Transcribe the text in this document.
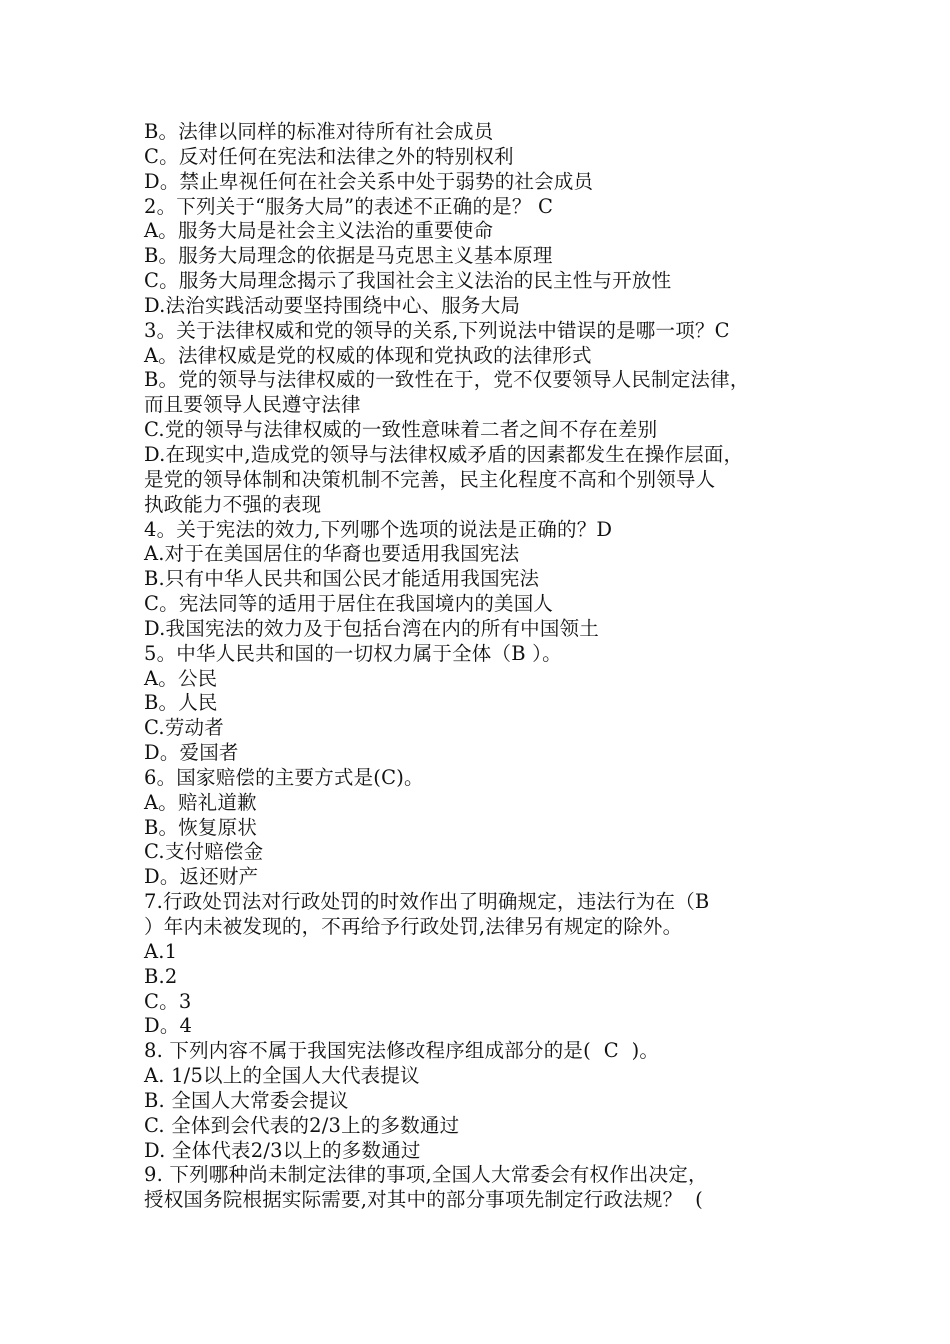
B。法律以同样的标准对待所有社会成员
C。反对任何在宪法和法律之外的特别权利
D。禁止卑视任何在社会关系中处于弱势的社会成员
2。下列关于“服务大局”的表述不正确的是？ C
A。服务大局是社会主义法治的重要使命
B。服务大局理念的依据是马克思主义基本原理
C。服务大局理念揭示了我国社会主义法治的民主性与开放性
D.法治实践活动要坚持围绕中心、服务大局
3。关于法律权威和党的领导的关系,下列说法中错误的是哪一项？C
A。法律权威是党的权威的体现和党执政的法律形式
B。党的领导与法律权威的一致性在于，党不仅要领导人民制定法律，
而且要领导人民遵守法律
C.党的领导与法律权威的一致性意味着二者之间不存在差别
D.在现实中,造成党的领导与法律权威矛盾的因素都发生在操作层面，
是党的领导体制和决策机制不完善，民主化程度不高和个别领导人
执政能力不强的表现
4。关于宪法的效力,下列哪个选项的说法是正确的？D
A.对于在美国居住的华裔也要适用我国宪法
B.只有中华人民共和国公民才能适用我国宪法
C。宪法同等的适用于居住在我国境内的美国人
D.我国宪法的效力及于包括台湾在内的所有中国领土
5。中华人民共和国的一切权力属于全体（B ）。
A。公民
B。人民
C.劳动者
D。爱国者
6。国家赔偿的主要方式是(C)。
A。赔礼道歉
B。恢复原状
C.支付赔偿金
D。返还财产
7.行政处罚法对行政处罚的时效作出了明确规定，违法行为在（B
）年内未被发现的，不再给予行政处罚,法律另有规定的除外。
A.1
B.2
C。3
D。4
8. 下列内容不属于我国宪法修改程序组成部分的是(  C  )。
A. 1/5以上的全国人大代表提议
B. 全国人大常委会提议
C. 全体到会代表的2/3上的多数通过
D. 全体代表2/3以上的多数通过
9. 下列哪种尚未制定法律的事项,全国人大常委会有权作出决定，
授权国务院根据实际需要,对其中的部分事项先制定行政法规？  (
